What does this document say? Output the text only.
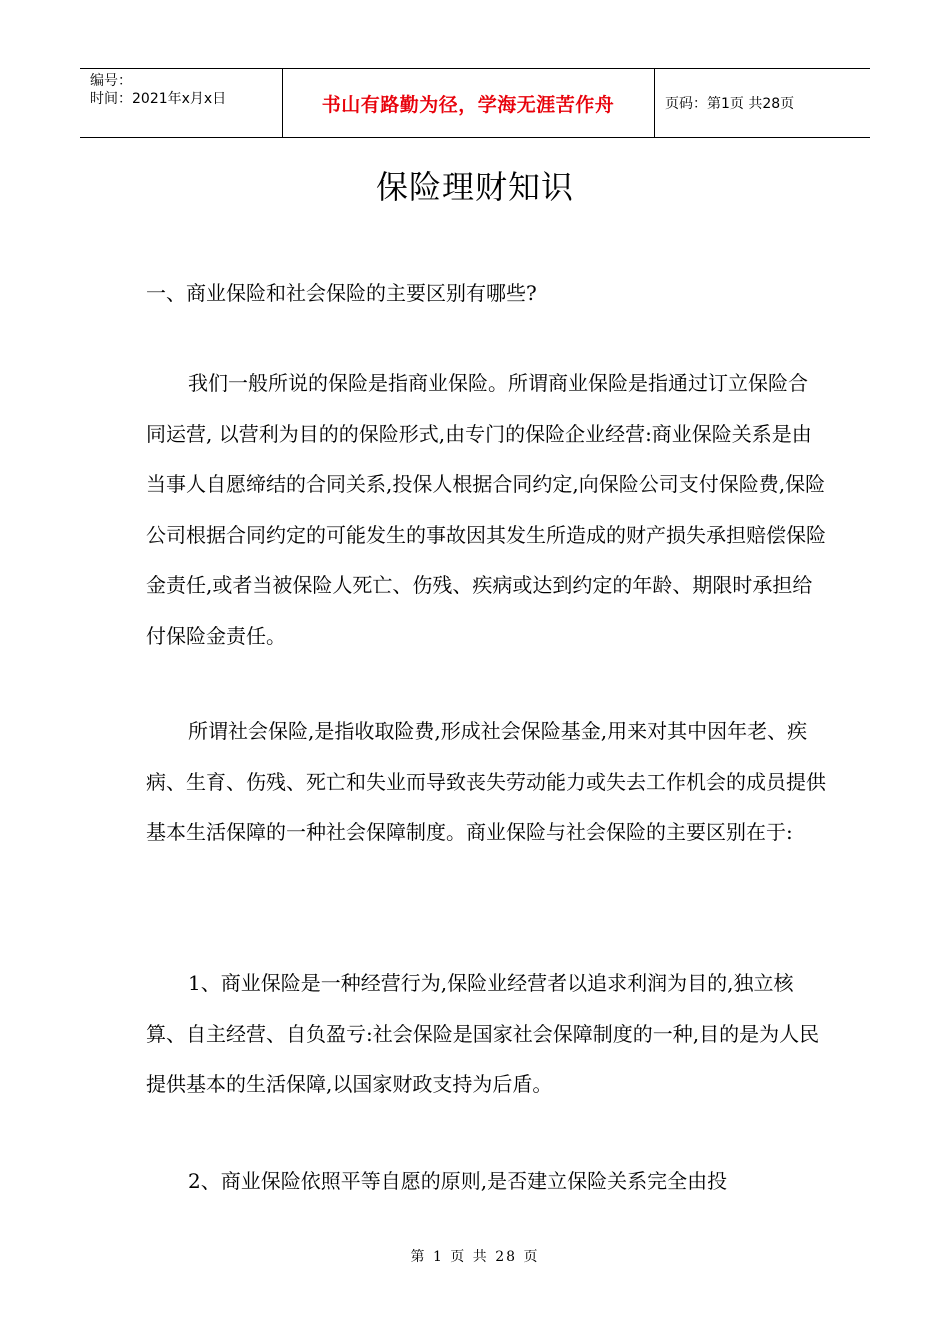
编号：
时间：2021年x月x日	书山有路勤为径，学海无涯苦作舟	页码：第1页 共28页
保险理财知识

一、商业保险和社会保险的主要区别有哪些?

我们一般所说的保险是指商业保险。所谓商业保险是指通过订立保险合同运营, 以营利为目的的保险形式,由专门的保险企业经营:商业保险关系是由当事人自愿缔结的合同关系,投保人根据合同约定,向保险公司支付保险费,保险公司根据合同约定的可能发生的事故因其发生所造成的财产损失承担赔偿保险金责任,或者当被保险人死亡、伤残、疾病或达到约定的年龄、期限时承担给付保险金责任。

所谓社会保险,是指收取险费,形成社会保险基金,用来对其中因年老、疾病、生育、伤残、死亡和失业而导致丧失劳动能力或失去工作机会的成员提供基本生活保障的一种社会保障制度。商业保险与社会保险的主要区别在于:

1、商业保险是一种经营行为,保险业经营者以追求利润为目的,独立核算、自主经营、自负盈亏:社会保险是国家社会保障制度的一种,目的是为人民提供基本的生活保障,以国家财政支持为后盾。

2、商业保险依照平等自愿的原则,是否建立保险关系完全由投

第 1 页 共 28 页
